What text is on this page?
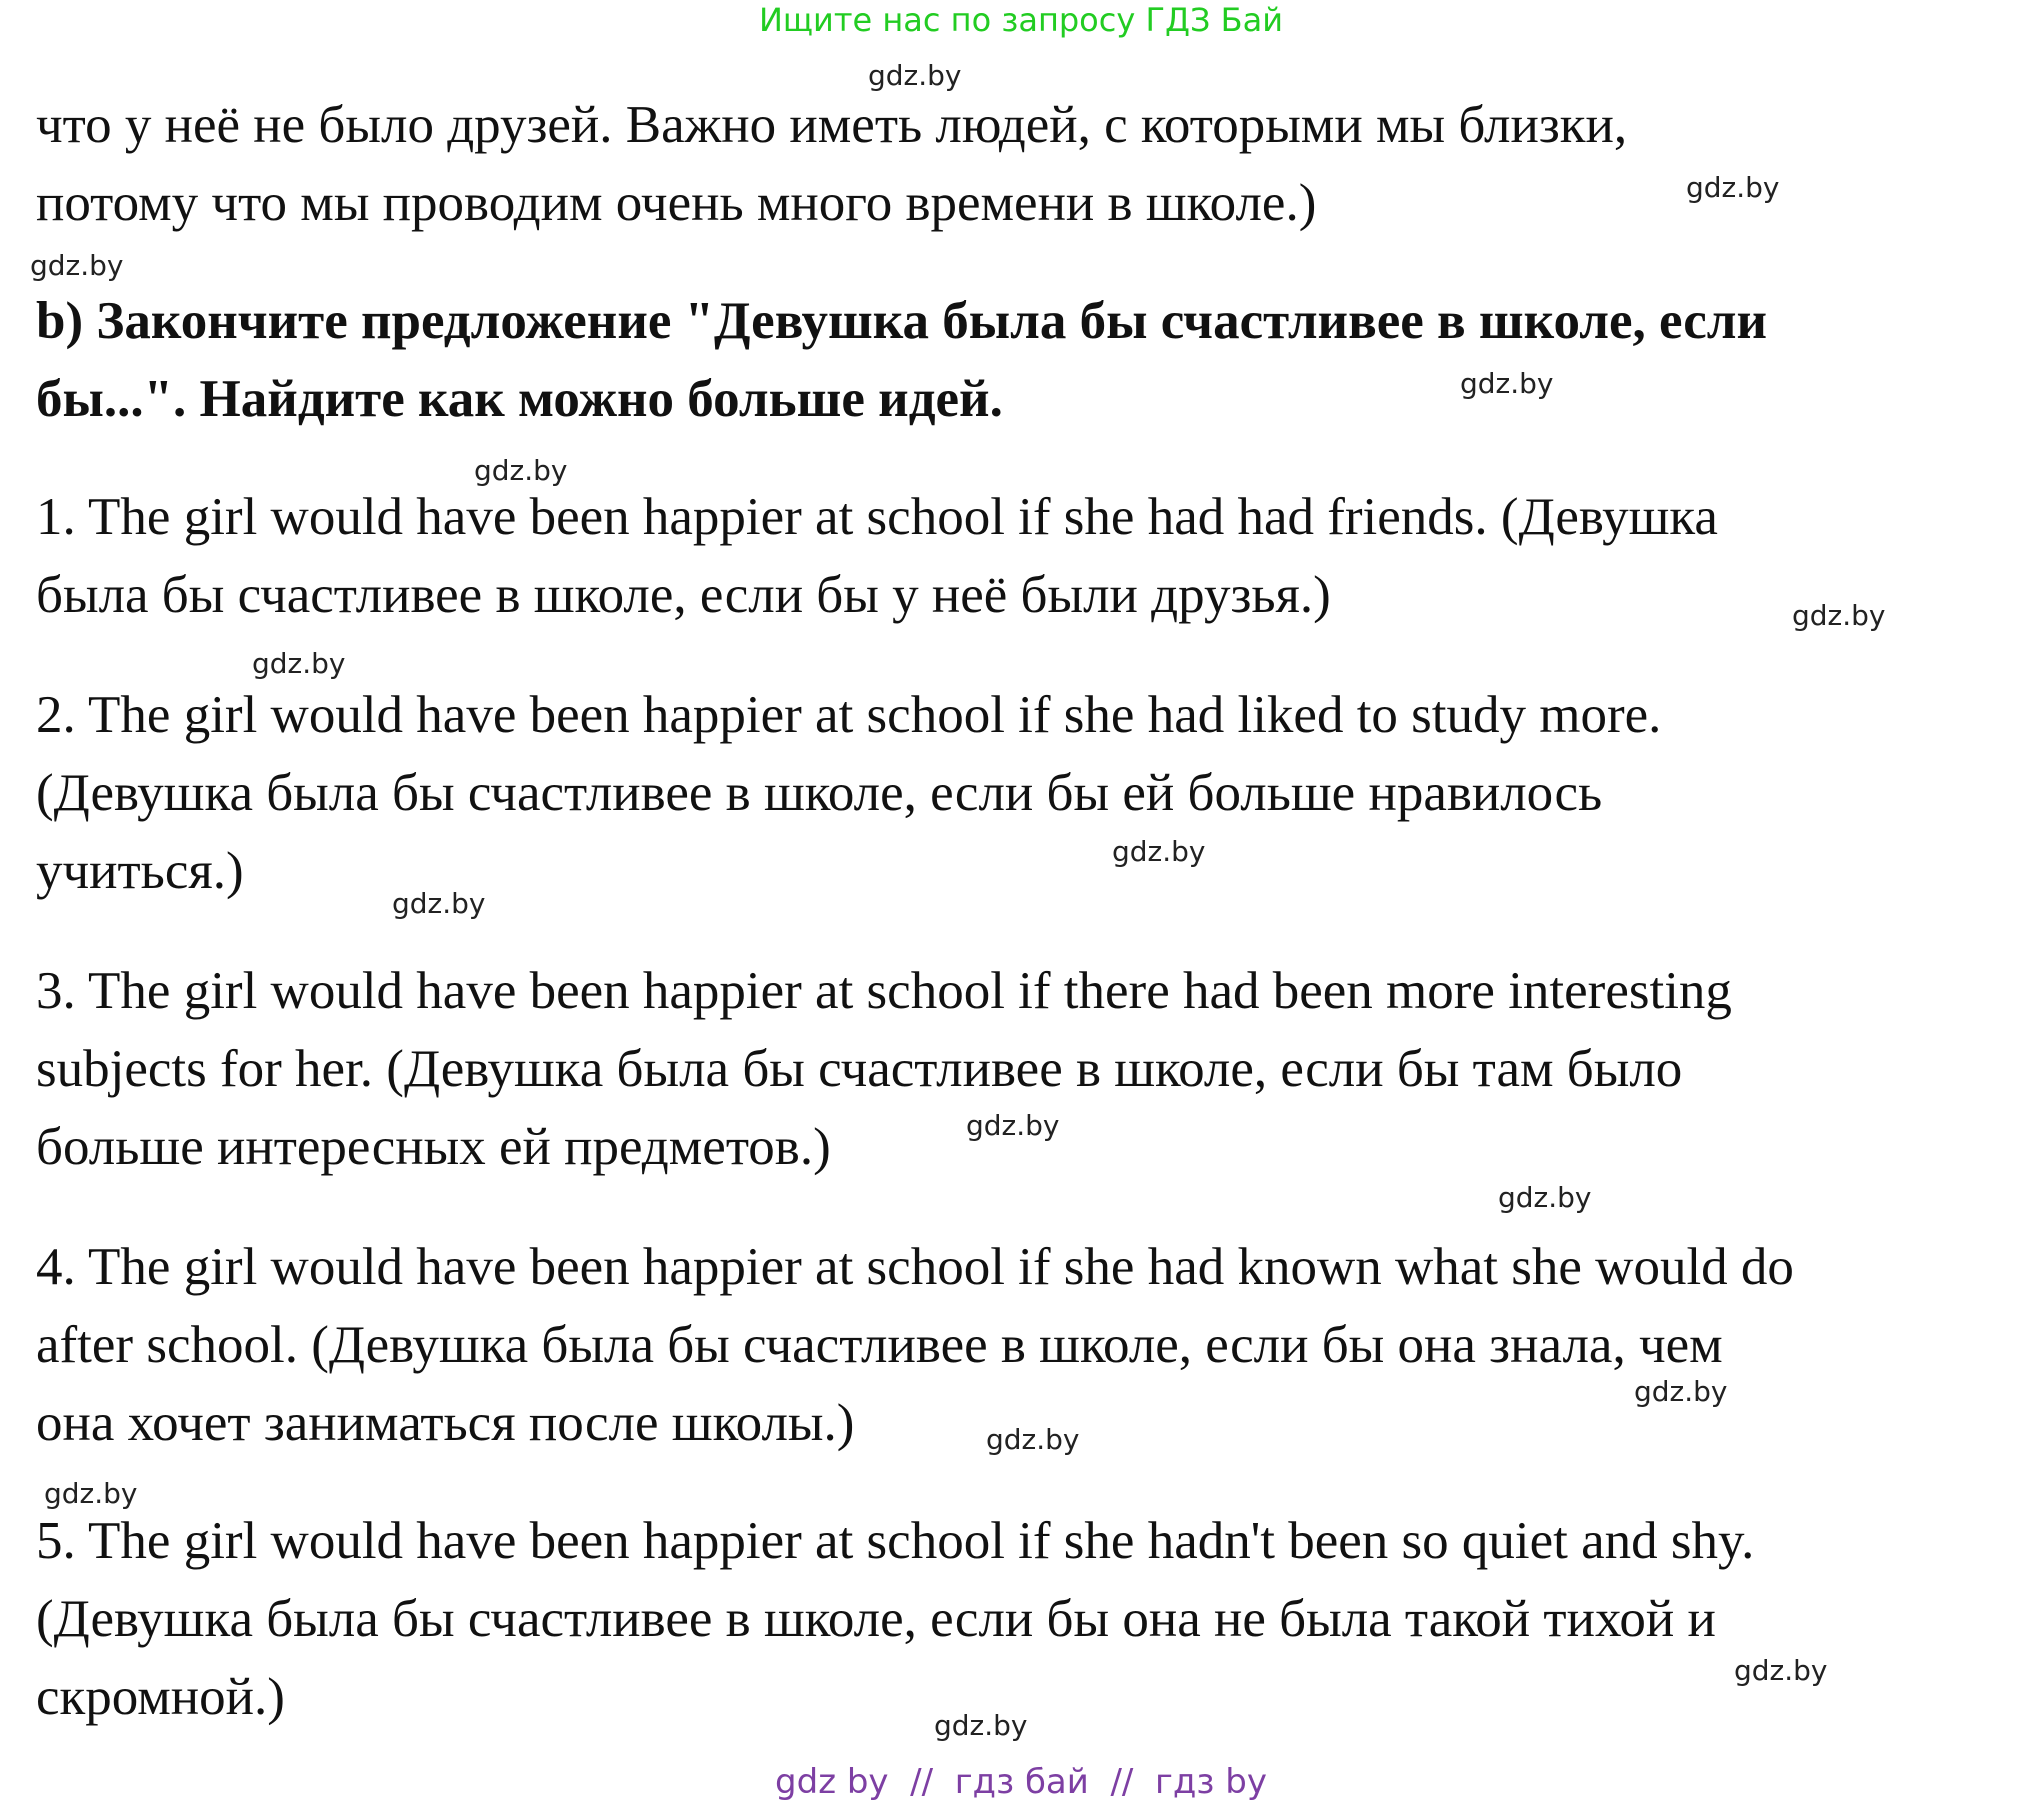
Ищите нас по запросу ГДЗ Бай

что у неё не было друзей. Важно иметь людей, с которыми мы близки,

потому что мы проводим очень много времени в школе.)

b) Закончите предложение "Девушка была бы счастливее в школе, если

бы...". Найдите как можно больше идей.

1. The girl would have been happier at school if she had had friends. (Девушка

была бы счастливее в школе, если бы у неё были друзья.)

2. The girl would have been happier at school if she had liked to study more.

(Девушка была бы счастливее в школе, если бы ей больше нравилось

учиться.)

3. The girl would have been happier at school if there had been more interesting

subjects for her. (Девушка была бы счастливее в школе, если бы там было

больше интересных ей предметов.)

4. The girl would have been happier at school if she had known what she would do

after school. (Девушка была бы счастливее в школе, если бы она знала, чем

она хочет заниматься после школы.)

5. The girl would have been happier at school if she hadn't been so quiet and shy.

(Девушка была бы счастливее в школе, если бы она не была такой тихой и

скромной.)

gdz.by
gdz.by
gdz.by
gdz.by
gdz.by
gdz.by
gdz.by
gdz.by
gdz.by
gdz.by
gdz.by
gdz.by
gdz.by
gdz.by
gdz.by
gdz.by
gdz by  //  гдз бай  //  гдз by
